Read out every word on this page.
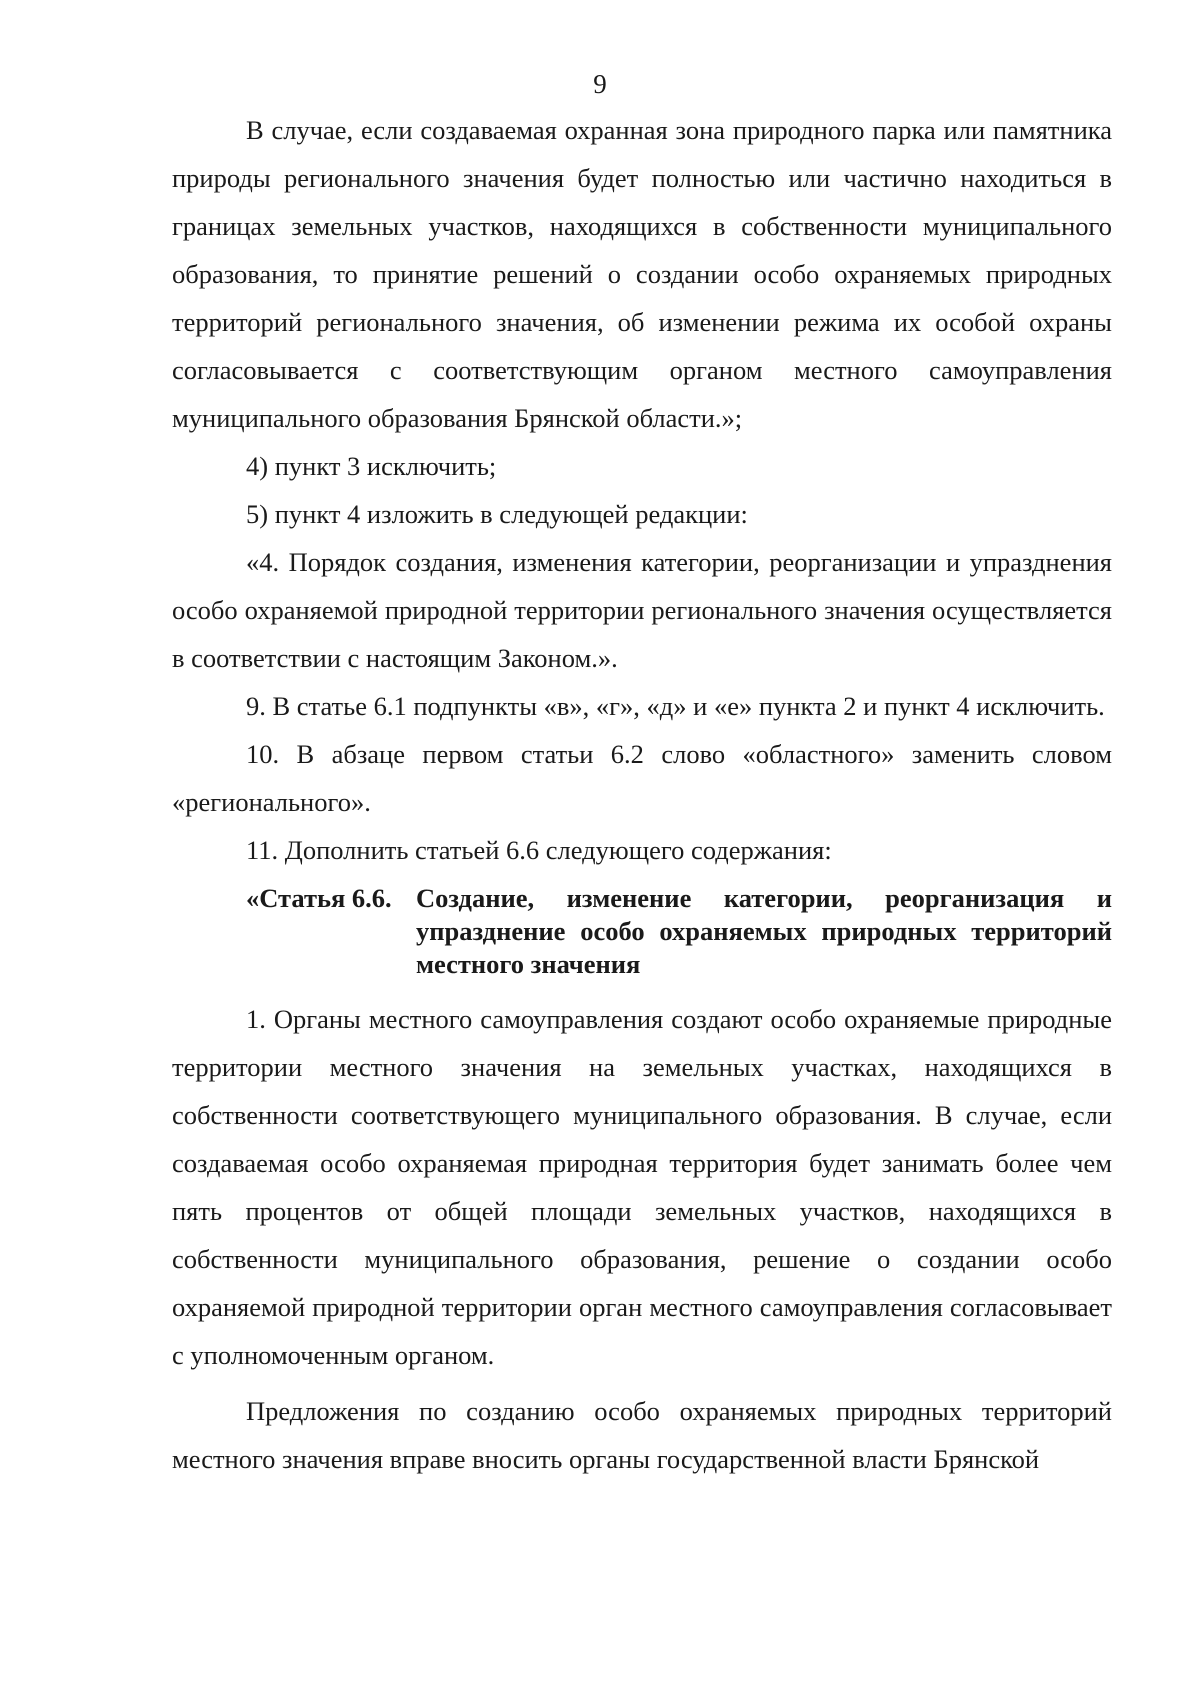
9

В случае, если создаваемая охранная зона природного парка или памятника природы регионального значения будет полностью или частично находиться в границах земельных участков, находящихся в собственности муниципального образования, то принятие решений о создании особо охраняемых природных территорий регионального значения, об изменении режима их особой охраны согласовывается с соответствующим органом местного самоуправления муниципального образования Брянской области.»;

4) пункт 3 исключить;

5) пункт 4 изложить в следующей редакции:

«4. Порядок создания, изменения категории, реорганизации и упразднения особо охраняемой природной территории регионального значения осуществляется в соответствии с настоящим Законом.».

9. В статье 6.1 подпункты «в», «г», «д» и «е» пункта 2 и пункт 4 исключить.

10. В абзаце первом статьи 6.2 слово «областного» заменить словом «регионального».

11. Дополнить статьей 6.6 следующего содержания:

«Статья 6.6. Создание, изменение категории, реорганизация и упразднение особо охраняемых природных территорий местного значения

1. Органы местного самоуправления создают особо охраняемые природные территории местного значения на земельных участках, находящихся в собственности соответствующего муниципального образования. В случае, если создаваемая особо охраняемая природная территория будет занимать более чем пять процентов от общей площади земельных участков, находящихся в собственности муниципального образования, решение о создании особо охраняемой природной территории орган местного самоуправления согласовывает с уполномоченным органом.

Предложения по созданию особо охраняемых природных территорий местного значения вправе вносить органы государственной власти Брянской
